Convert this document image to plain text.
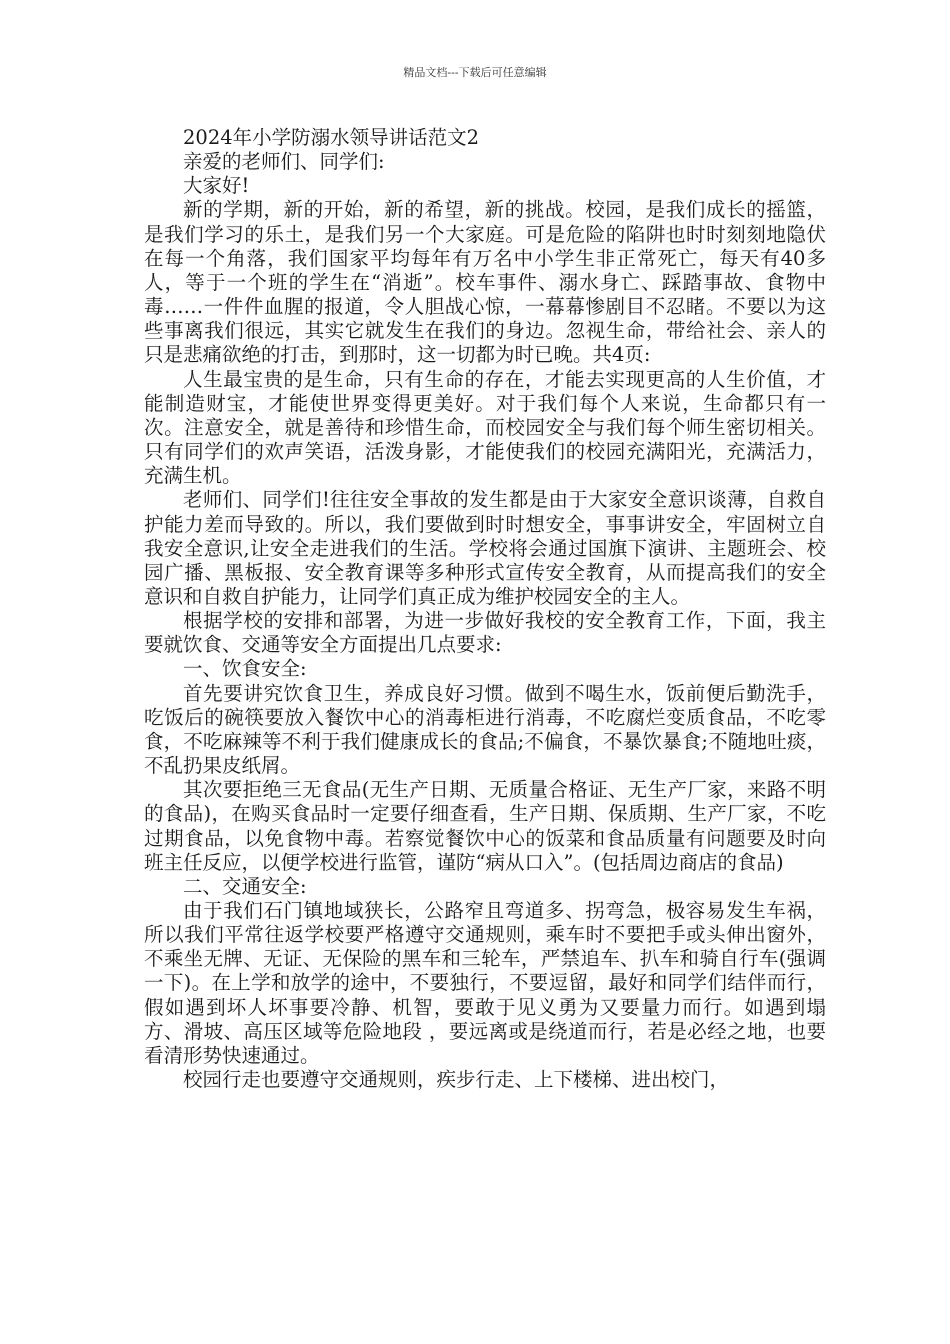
精品文档---下载后可任意编辑

2024年小学防溺水领导讲话范文2

亲爱的老师们、同学们:

大家好!

新的学期，新的开始，新的希望，新的挑战。校园，是我们成长的摇篮，是我们学习的乐土，是我们另一个大家庭。可是危险的陷阱也时时刻刻地隐伏在每一个角落，我们国家平均每年有万名中小学生非正常死亡，每天有40多人，等于一个班的学生在“消逝”。校车事件、溺水身亡、踩踏事故、食物中毒……一件件血腥的报道，令人胆战心惊，一幕幕惨剧目不忍睹。不要以为这些事离我们很远，其实它就发生在我们的身边。忽视生命，带给社会、亲人的只是悲痛欲绝的打击，到那时，这一切都为时已晚。共4页:

人生最宝贵的是生命，只有生命的存在，才能去实现更高的人生价值，才能制造财宝，才能使世界变得更美好。对于我们每个人来说，生命都只有一次。注意安全，就是善待和珍惜生命，而校园安全与我们每个师生密切相关。只有同学们的欢声笑语，活泼身影，才能使我们的校园充满阳光，充满活力，充满生机。

老师们、同学们!往往安全事故的发生都是由于大家安全意识谈薄，自救自护能力差而导致的。所以，我们要做到时时想安全，事事讲安全，牢固树立自我安全意识,让安全走进我们的生活。学校将会通过国旗下演讲、主题班会、校园广播、黑板报、安全教育课等多种形式宣传安全教育，从而提高我们的安全意识和自救自护能力，让同学们真正成为维护校园安全的主人。

根据学校的安排和部署，为进一步做好我校的安全教育工作，下面，我主要就饮食、交通等安全方面提出几点要求:

一、饮食安全:

首先要讲究饮食卫生，养成良好习惯。做到不喝生水，饭前便后勤洗手，吃饭后的碗筷要放入餐饮中心的消毒柜进行消毒，不吃腐烂变质食品，不吃零食，不吃麻辣等不利于我们健康成长的食品;不偏食，不暴饮暴食;不随地吐痰，不乱扔果皮纸屑。

其次要拒绝三无食品(无生产日期、无质量合格证、无生产厂家，来路不明的食品)，在购买食品时一定要仔细查看，生产日期、保质期、生产厂家，不吃过期食品，以免食物中毒。若察觉餐饮中心的饭菜和食品质量有问题要及时向班主任反应，以便学校进行监管，谨防“病从口入”。(包括周边商店的食品)

二、交通安全:

由于我们石门镇地域狭长，公路窄且弯道多、拐弯急，极容易发生车祸，所以我们平常往返学校要严格遵守交通规则，乘车时不要把手或头伸出窗外，不乘坐无牌、无证、无保险的黑车和三轮车，严禁追车、扒车和骑自行车(强调一下)。在上学和放学的途中，不要独行，不要逗留，最好和同学们结伴而行，假如遇到坏人坏事要冷静、机智，要敢于见义勇为又要量力而行。如遇到塌方、滑坡、高压区域等危险地段 ，要远离或是绕道而行，若是必经之地，也要看清形势快速通过。

校园行走也要遵守交通规则，疾步行走、上下楼梯、进出校门，
